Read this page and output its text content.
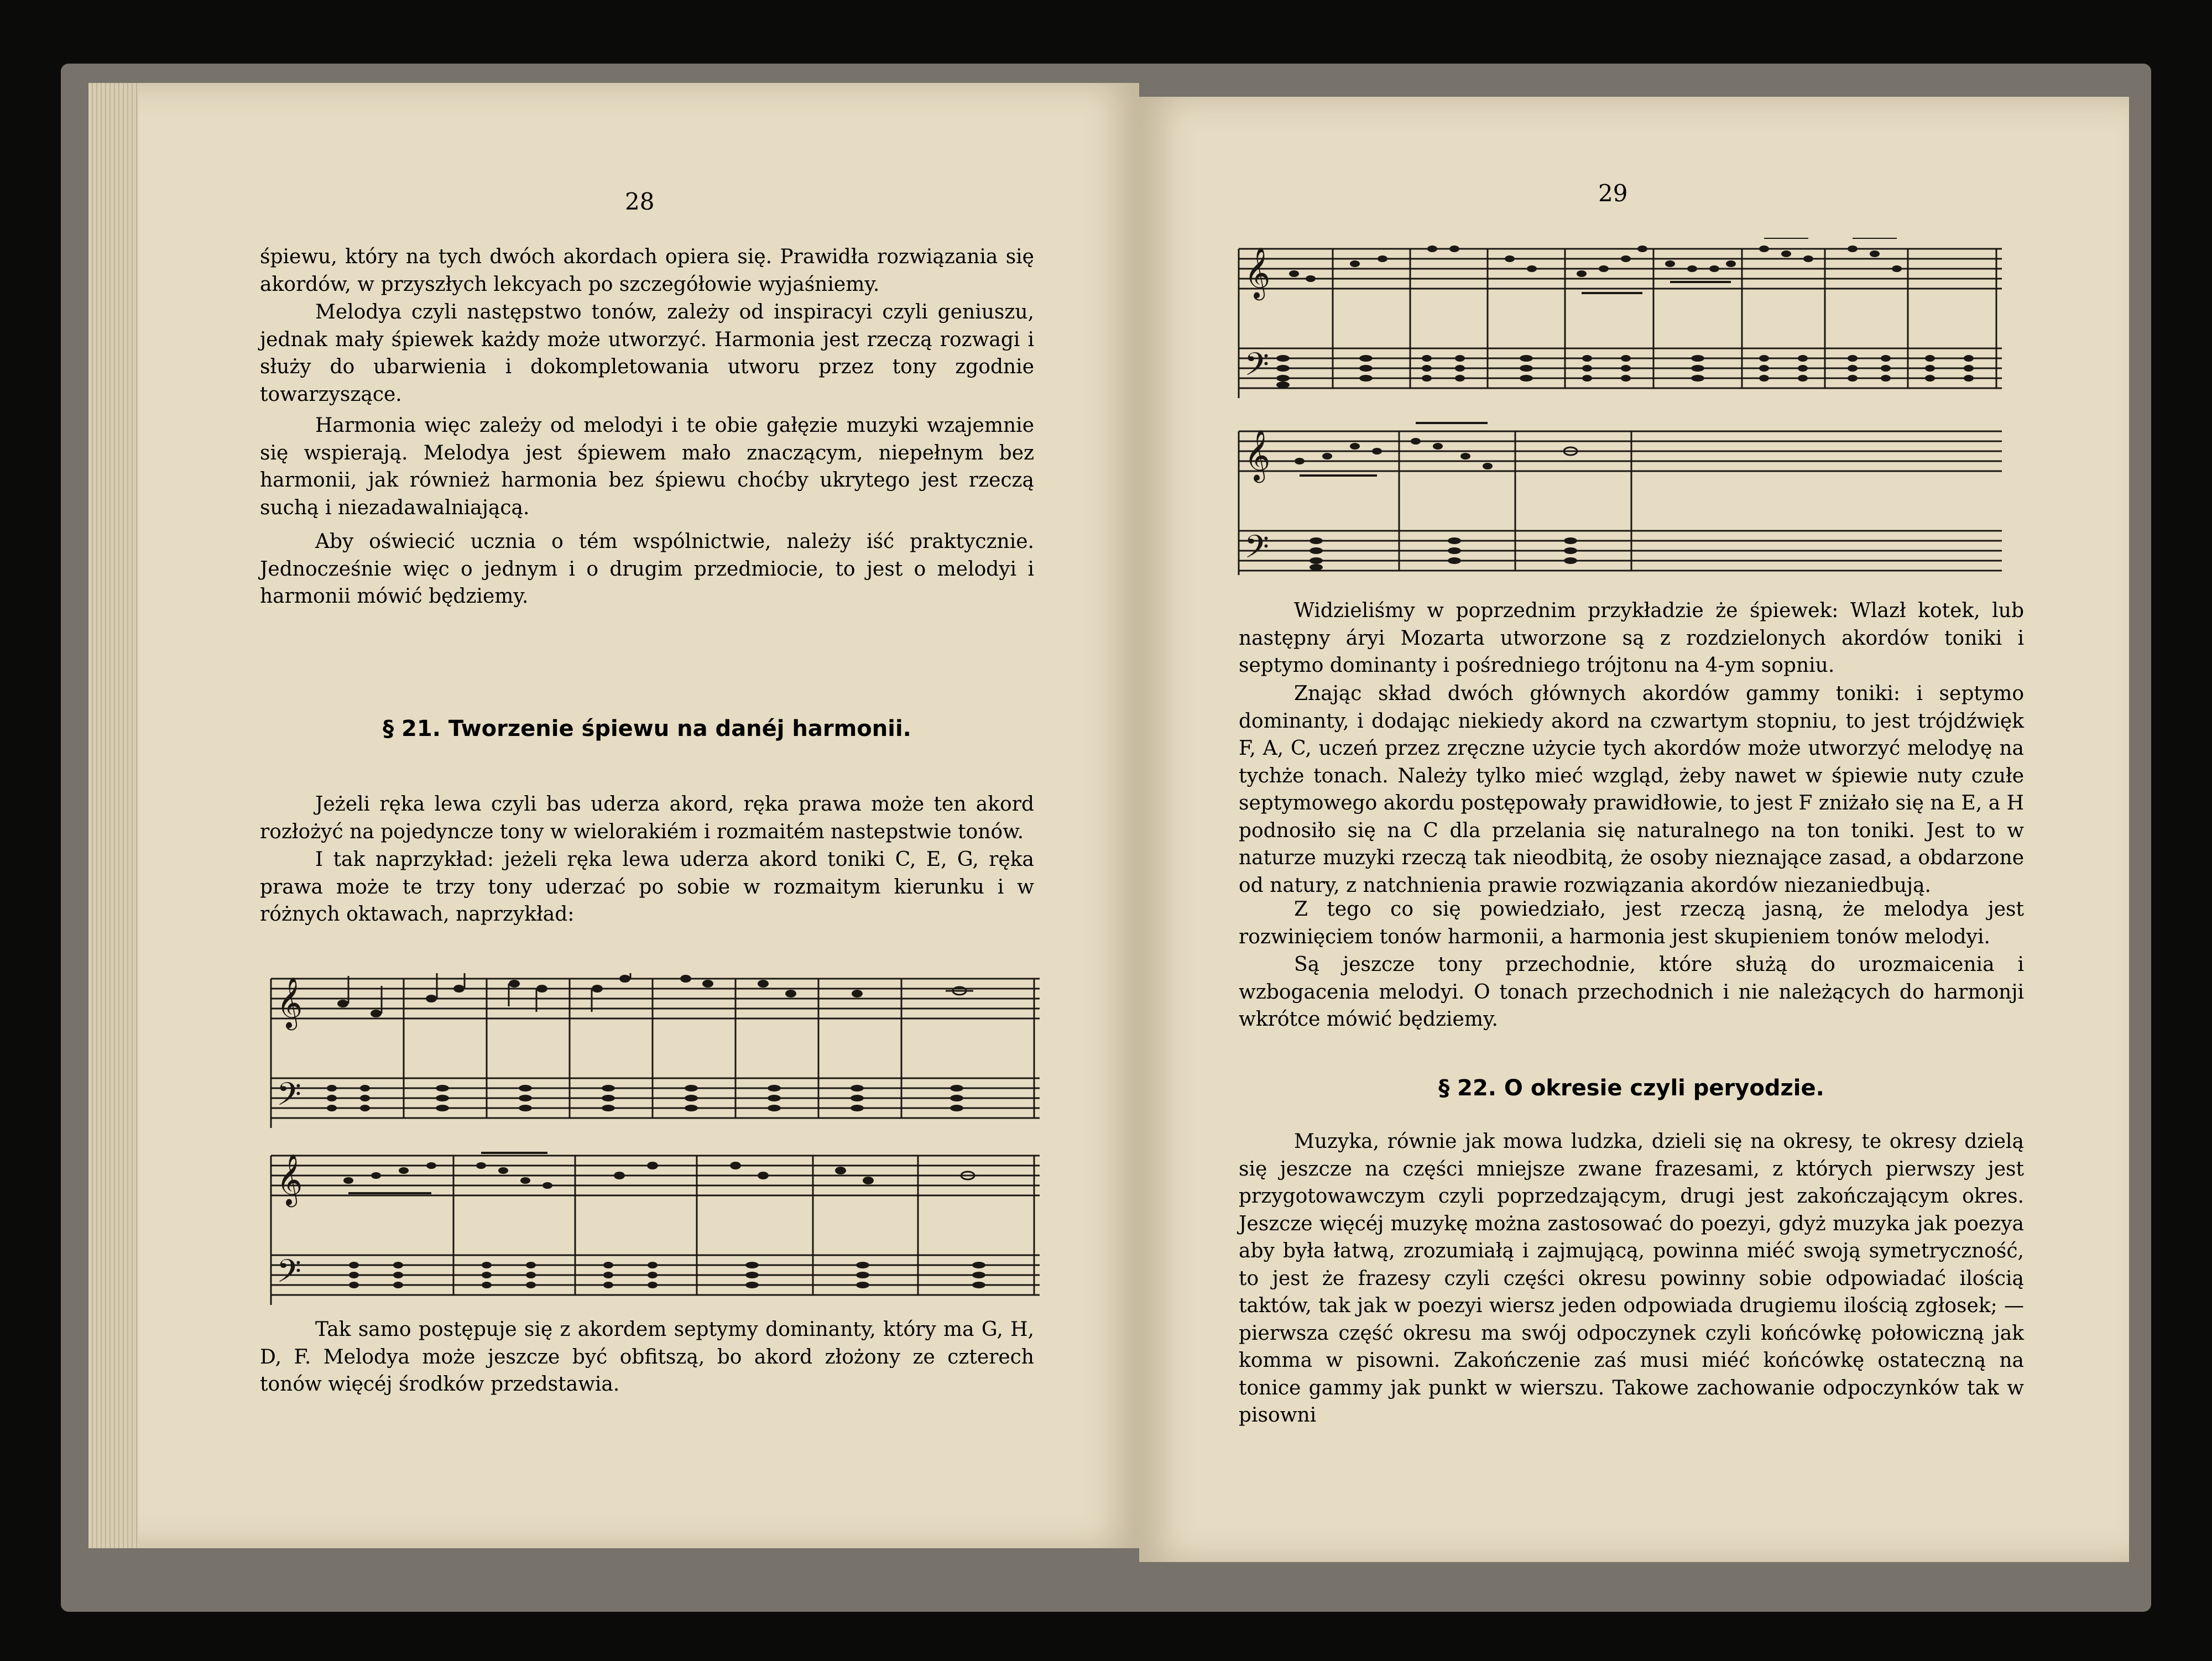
28

śpiewu, który na tych dwóch akordach opiera się. Prawidła rozwiązania się akordów, w przyszłych lekcyach po szczegółowie wyjaśniemy.

Melodya czyli następstwo tonów, zależy od inspiracyi czyli geniuszu, jednak mały śpiewek każdy może utworzyć. Harmonia jest rzeczą rozwagi i służy do ubarwienia i dokompletowania utworu przez tony zgodnie towarzyszące.

Harmonia więc zależy od melodyi i te obie gałęzie muzyki wzajemnie się wspierają. Melodya jest śpiewem mało znaczącym, niepełnym bez harmonii, jak również harmonia bez śpiewu choćby ukrytego jest rzeczą suchą i niezadawalniającą.

Aby oświecić ucznia o tém wspólnictwie, należy iść praktycznie. Jednocześnie więc o jednym i o drugim przedmiocie, to jest o melodyi i harmonii mówić będziemy.

§ 21. Tworzenie śpiewu na danéj harmonii.

Jeżeli ręka lewa czyli bas uderza akord, ręka prawa może ten akord rozłożyć na pojedyncze tony w wielorakiém i rozmaitém nastepstwie tonów.

I tak naprzykład: jeżeli ręka lewa uderza akord toniki C, E, G, ręka prawa może te trzy tony uderzać po sobie w rozmaitym kierunku i w różnych oktawach, naprzykład:

𝄞
𝄢
𝄞
𝄢

Tak samo postępuje się z akordem septymy dominanty, który ma G, H, D, F. Melodya może jeszcze być obfitszą, bo akord złożony ze czterech tonów więcéj środków przedstawia.

29
𝄞
𝄢
𝄞
𝄢

Widzieliśmy w poprzednim przykładzie że śpiewek: Wlazł kotek, lub następny áryi Mozarta utworzone są z rozdzielonych akordów toniki i septymo dominanty i pośredniego trójtonu na 4-ym sopniu.

Znając skład dwóch głównych akordów gammy toniki: i septymo dominanty, i dodając niekiedy akord na czwartym stopniu, to jest trójdźwięk F, A, C, uczeń przez zręczne użycie tych akordów może utworzyć melodyę na tychże tonach. Należy tylko mieć wzgląd, żeby nawet w śpiewie nuty czułe septymowego akordu postępowały prawidłowie, to jest F zniżało się na E, a H podnosiło się na C dla przelania się naturalnego na ton toniki. Jest to w naturze muzyki rzeczą tak nieodbitą, że osoby nieznające zasad, a obdarzone od natury, z natchnienia prawie rozwiązania akordów niezaniedbują.

Z tego co się powiedziało, jest rzeczą jasną, że melodya jest rozwinięciem tonów harmonii, a harmonia jest skupieniem tonów melodyi.

Są jeszcze tony przechodnie, które służą do urozmaicenia i wzbogacenia melodyi. O tonach przechodnich i nie należących do harmonji wkrótce mówić będziemy.

§ 22. O okresie czyli peryodzie.

Muzyka, równie jak mowa ludzka, dzieli się na okresy, te okresy dzielą się jeszcze na części mniejsze zwane frazesami, z których pierwszy jest przygotowawczym czyli poprzedzającym, drugi jest zakończającym okres. Jeszcze więcéj muzykę można zastosować do poezyi, gdyż muzyka jak poezya aby była łatwą, zrozumiałą i zajmującą, powinna miéć swoją symetryczność, to jest że frazesy czyli części okresu powinny sobie odpowiadać ilością taktów, tak jak w poezyi wiersz jeden odpowiada drugiemu ilością zgłosek; — pierwsza część okresu ma swój odpoczynek czyli końcówkę połowiczną jak komma w pisowni. Zakończenie zaś musi miéć końcówkę ostateczną na tonice gammy jak punkt w wierszu. Takowe zachowanie odpoczynków tak w pisowni
